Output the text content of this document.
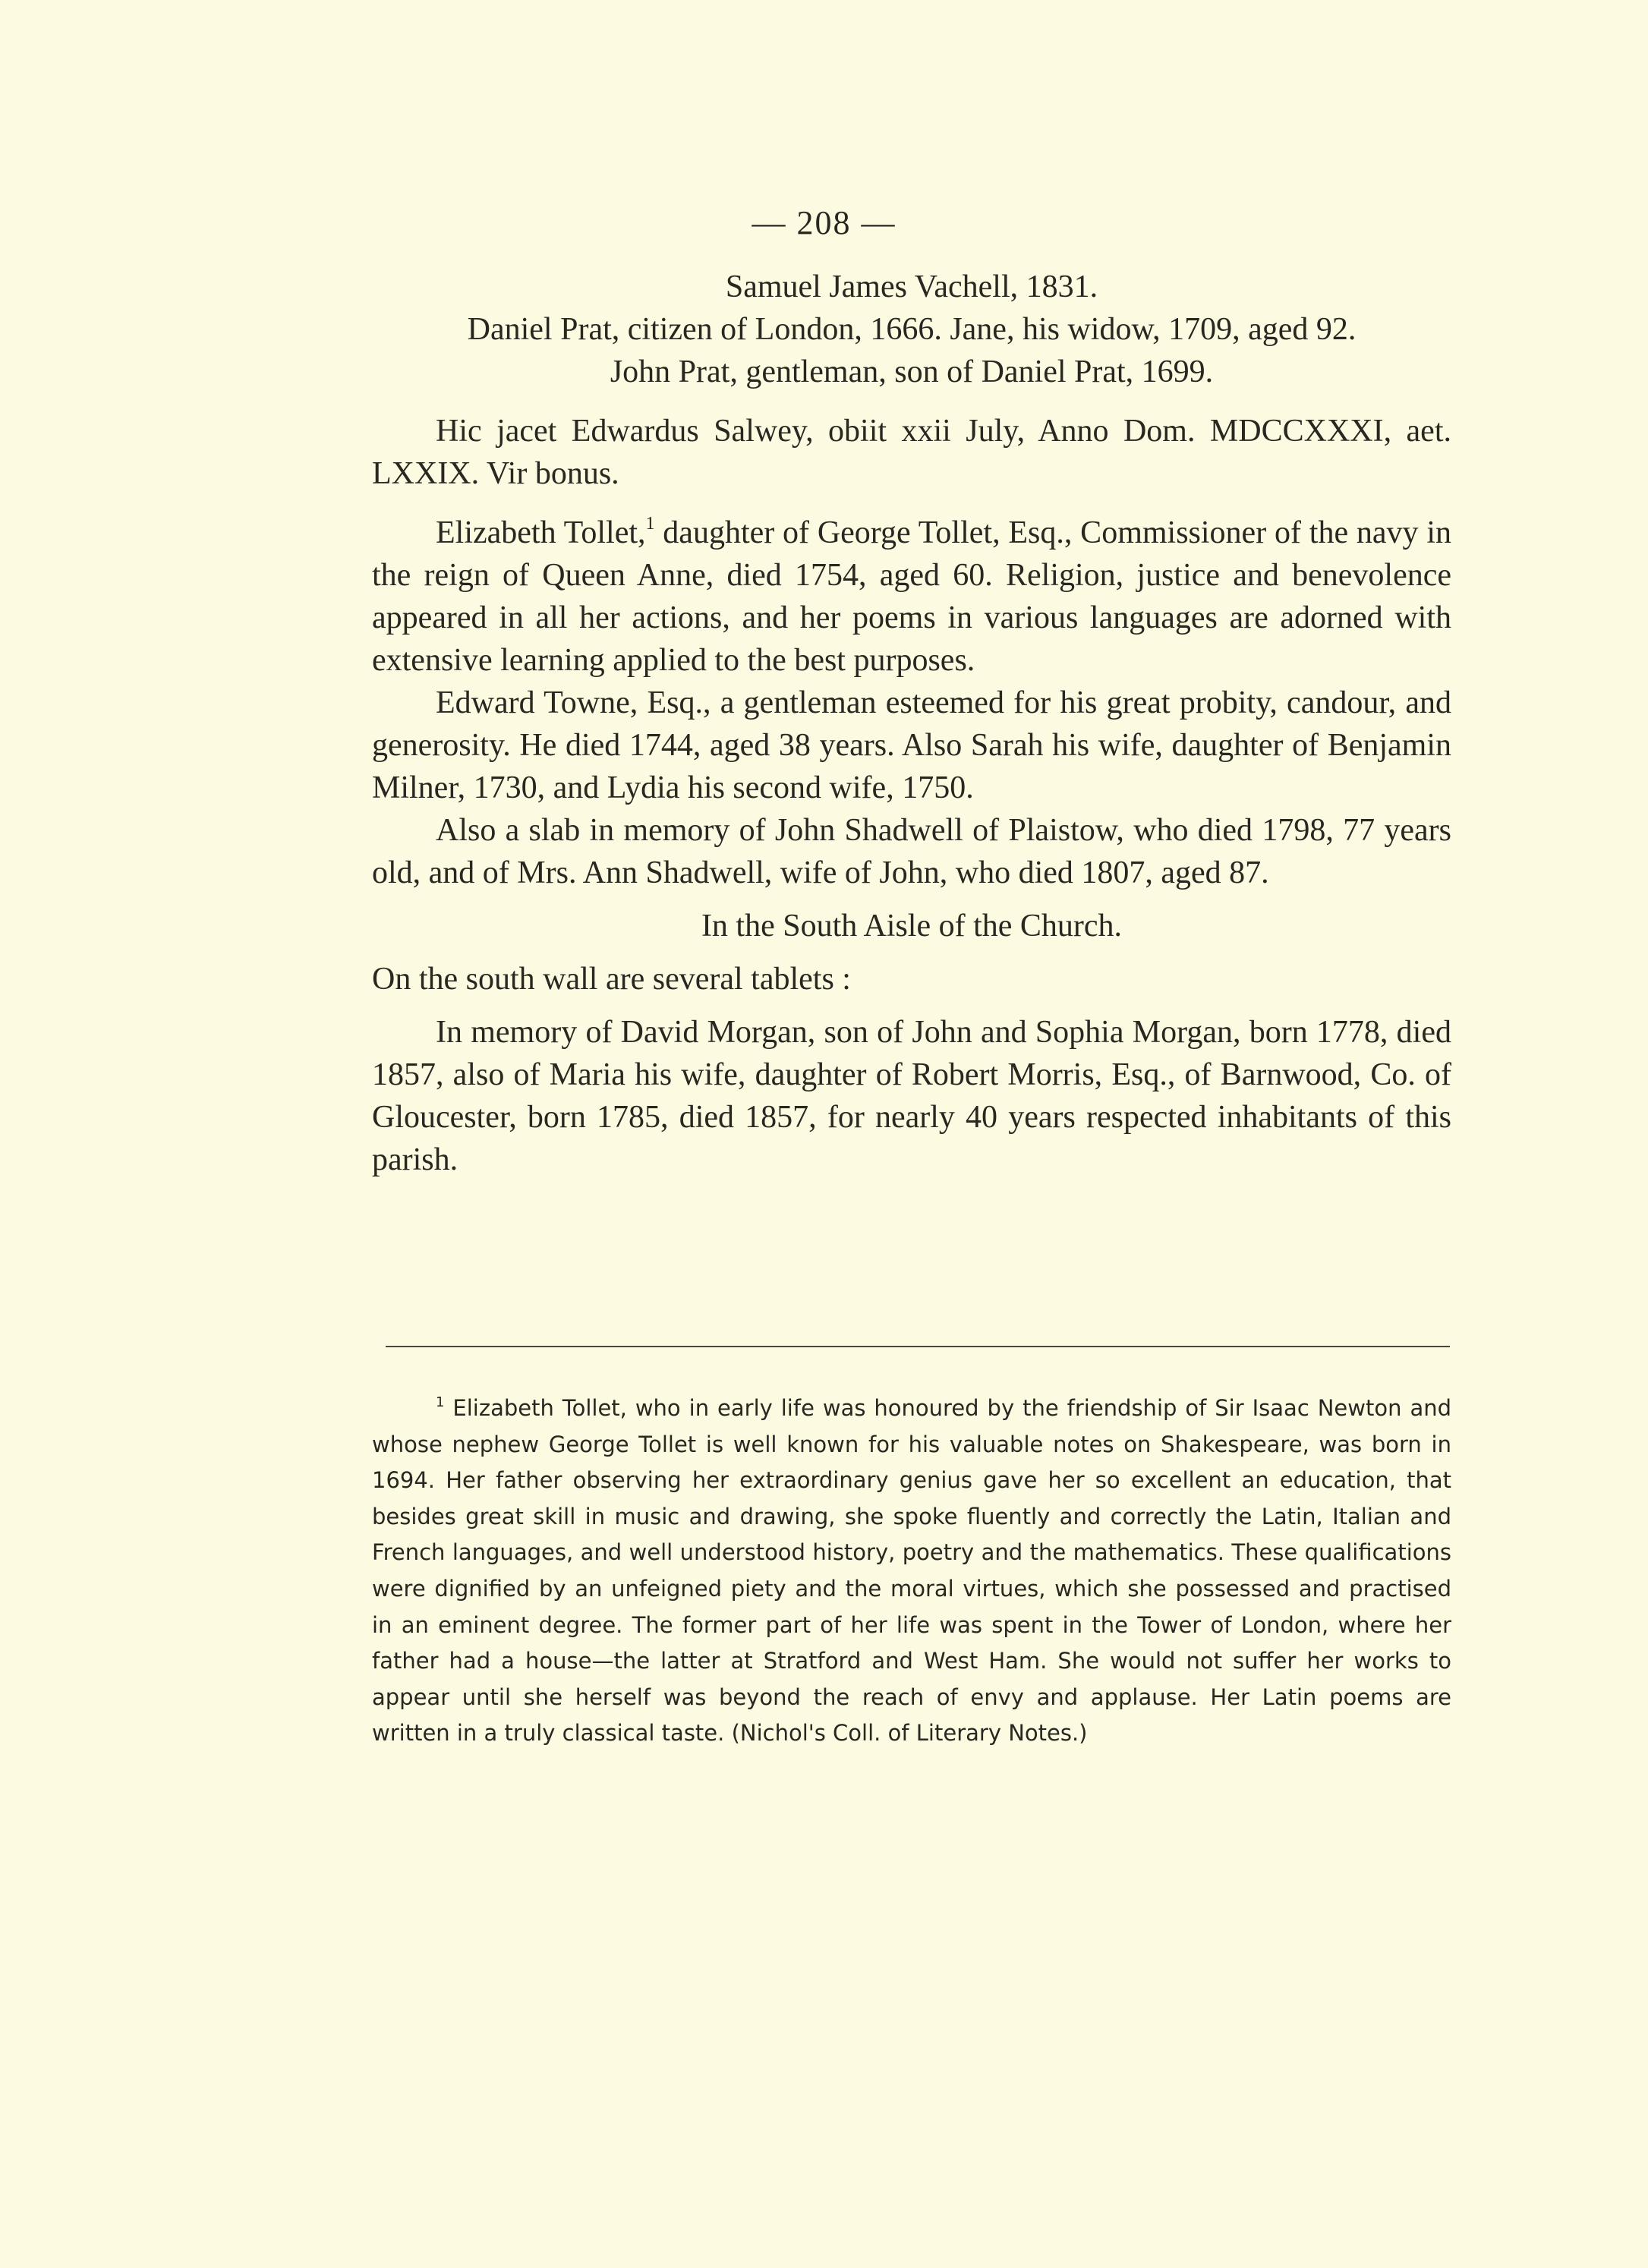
— 208 —

Samuel James Vachell, 1831.

Daniel Prat, citizen of London, 1666. Jane, his widow, 1709, aged 92.

John Prat, gentleman, son of Daniel Prat, 1699.

Hic jacet Edwardus Salwey, obiit xxii July, Anno Dom. MDCCXXXI, aet. LXXIX. Vir bonus.

Elizabeth Tollet,$^1$ daughter of George Tollet, Esq., Commissioner of the navy in the reign of Queen Anne, died 1754, aged 60. Religion, justice and benevolence appeared in all her actions, and her poems in various languages are adorned with extensive learning applied to the best purposes.

Edward Towne, Esq., a gentleman esteemed for his great probity, candour, and generosity. He died 1744, aged 38 years. Also Sarah his wife, daughter of Benjamin Milner, 1730, and Lydia his second wife, 1750.

Also a slab in memory of John Shadwell of Plaistow, who died 1798, 77 years old, and of Mrs. Ann Shadwell, wife of John, who died 1807, aged 87.

In the South Aisle of the Church.

On the south wall are several tablets :

In memory of David Morgan, son of John and Sophia Morgan, born 1778, died 1857, also of Maria his wife, daughter of Robert Morris, Esq., of Barnwood, Co. of Gloucester, born 1785, died 1857, for nearly 40 years respected inhabitants of this parish.

$^1$ Elizabeth Tollet, who in early life was honoured by the friendship of Sir Isaac Newton and whose nephew George Tollet is well known for his valuable notes on Shakespeare, was born in 1694. Her father observing her extraordinary genius gave her so excellent an education, that besides great skill in music and drawing, she spoke fluently and correctly the Latin, Italian and French languages, and well understood history, poetry and the mathematics. These qualifications were dignified by an unfeigned piety and the moral virtues, which she possessed and practised in an eminent degree. The former part of her life was spent in the Tower of London, where her father had a house—the latter at Stratford and West Ham. She would not suffer her works to appear until she herself was beyond the reach of envy and applause. Her Latin poems are written in a truly classical taste. (Nichol's Coll. of Literary Notes.)
